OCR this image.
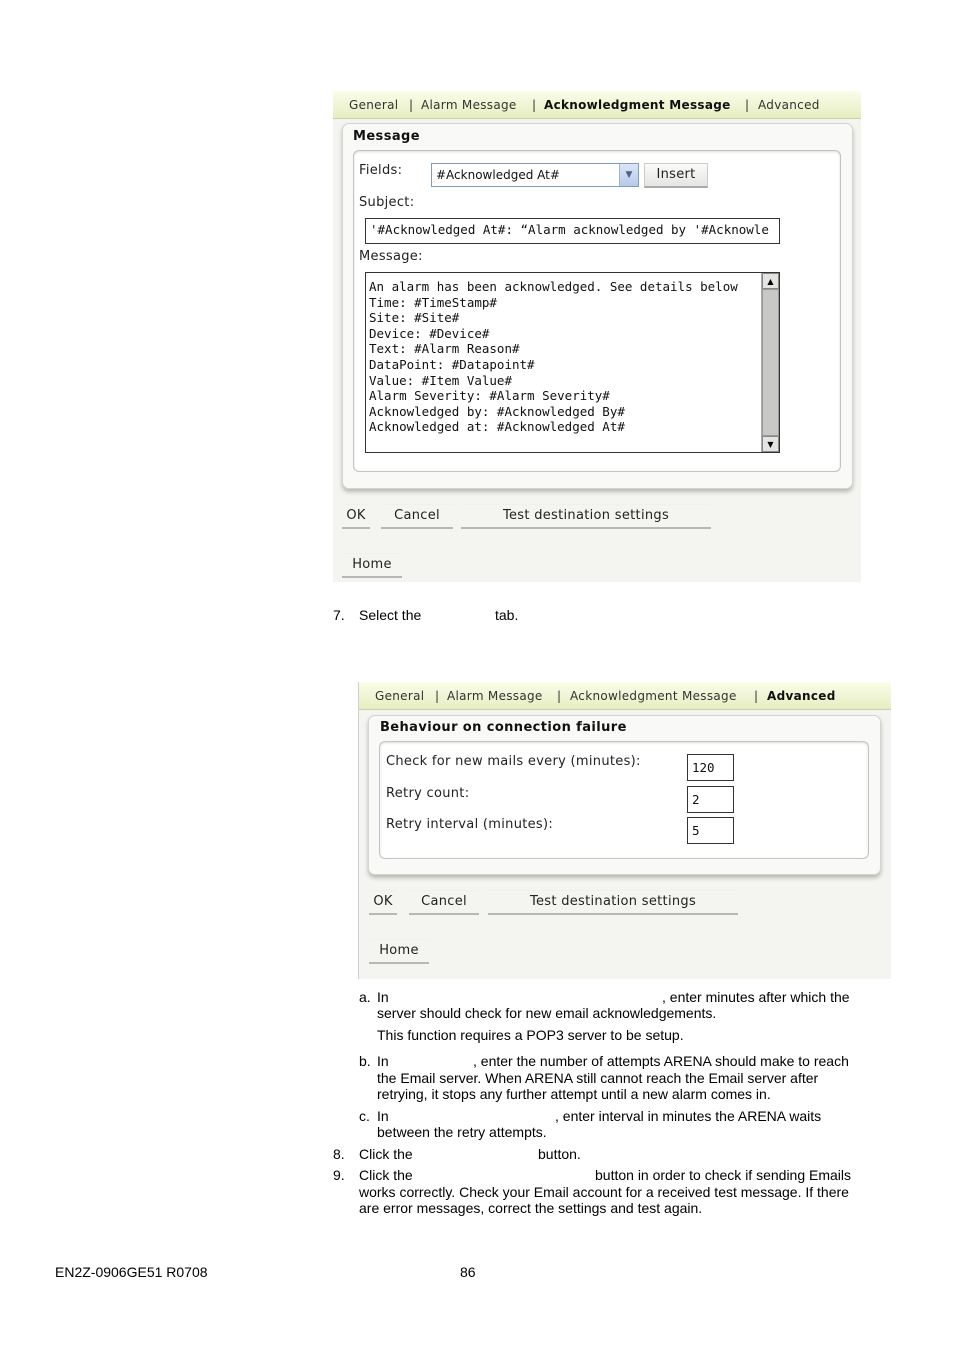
General | Alarm Message | Acknowledgment Message | Advanced
Message
Fields:	#Acknowledged At#	▼	Insert
Subject:
'#Acknowledged At#: “Alarm acknowledged by '#Acknowle
Message:
An alarm has been acknowledged. See details below
Time: #TimeStamp#
Site: #Site#
Device: #Device#
Text: #Alarm Reason#
DataPoint: #Datapoint#
Value: #Item Value#
Alarm Severity: #Alarm Severity#
Acknowledged by: #Acknowledged By#
Acknowledged at: #Acknowledged At#
▲
▼
OK	Cancel	Test destination settings
Home
7. Select the	tab.
General | Alarm Message | Acknowledgment Message | Advanced
Behaviour on connection failure
Check for new mails every (minutes):	120
Retry count:	2
Retry interval (minutes):	5
OK	Cancel	Test destination settings
Home
a. In	, enter minutes after which the
server should check for new email acknowledgements.
This function requires a POP3 server to be setup.
b. In	, enter the number of attempts ARENA should make to reach
the Email server. When ARENA still cannot reach the Email server after
retrying, it stops any further attempt until a new alarm comes in.
c. In	, enter interval in minutes the ARENA waits
between the retry attempts.
8. Click the	button.
9. Click the	button in order to check if sending Emails
works correctly. Check your Email account for a received test message. If there
are error messages, correct the settings and test again.
EN2Z-0906GE51 R0708	86
